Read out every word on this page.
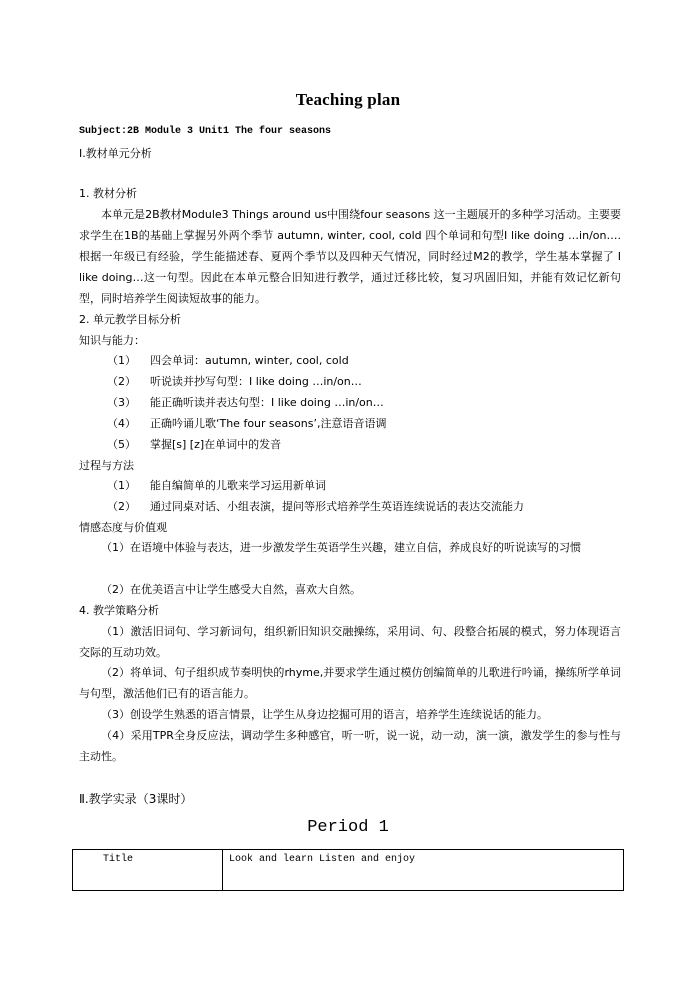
Teaching plan
Subject:2B Module 3 Unit1 The four seasons
Ⅰ.教材单元分析
1. 教材分析
本单元是2B教材Module3 Things around us中围绕four seasons 这一主题展开的多种学习活动。主要要求学生在1B的基础上掌握另外两个季节 autumn, winter, cool, cold 四个单词和句型I like doing …in/on….根据一年级已有经验，学生能描述春、夏两个季节以及四种天气情况，同时经过M2的教学，学生基本掌握了 I like doing…这一句型。因此在本单元整合旧知进行教学，通过迁移比较，复习巩固旧知，并能有效记忆新句型，同时培养学生阅读短故事的能力。
2. 单元教学目标分析
知识与能力：
（1） 四会单词：autumn, winter, cool, cold
（2） 听说读并抄写句型：I like doing …in/on…
（3） 能正确听读并表达句型：I like doing …in/on…
（4） 正确吟诵儿歌‘The four seasons’,注意语音语调
（5） 掌握[s] [z]在单词中的发音
过程与方法
（1） 能自编简单的儿歌来学习运用新单词
（2） 通过同桌对话、小组表演，提问等形式培养学生英语连续说话的表达交流能力
情感态度与价值观
（1）在语境中体验与表达，进一步激发学生英语学生兴趣，建立自信，养成良好的听说读写的习惯
（2）在优美语言中让学生感受大自然，喜欢大自然。
4. 教学策略分析
（1）激活旧词句、学习新词句，组织新旧知识交融操练，采用词、句、段整合拓展的模式，努力体现语言交际的互动功效。
（2）将单词、句子组织成节奏明快的rhyme,并要求学生通过模仿创编简单的儿歌进行吟诵，操练所学单词与句型，激活他们已有的语言能力。
（3）创设学生熟悉的语言情景，让学生从身边挖掘可用的语言，培养学生连续说话的能力。
（4）采用TPR全身反应法，调动学生多种感官，听一听，说一说，动一动，演一演，激发学生的参与性与主动性。
Ⅱ.教学实录（3课时）
Period 1
Title	Look and learn Listen and enjoy
